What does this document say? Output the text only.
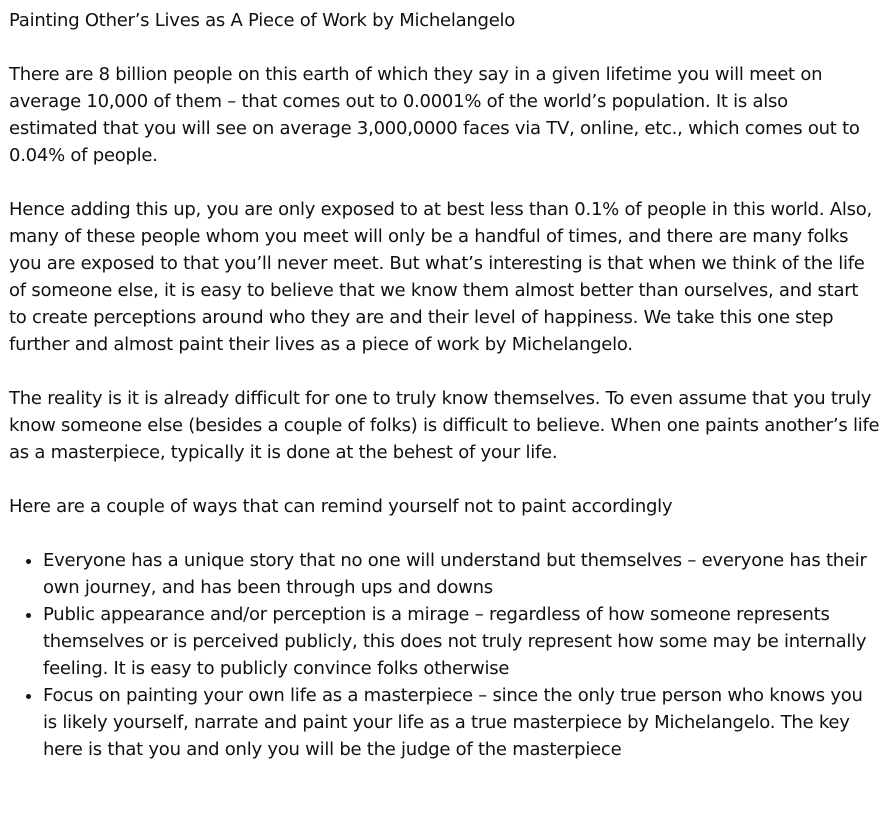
Painting Other’s Lives as A Piece of Work by Michelangelo

There are 8 billion people on this earth of which they say in a given lifetime you will meet on average 10,000 of them – that comes out to 0.0001% of the world’s population. It is also estimated that you will see on average 3,000,0000 faces via TV, online, etc., which comes out to 0.04% of people.

Hence adding this up, you are only exposed to at best less than 0.1% of people in this world. Also, many of these people whom you meet will only be a handful of times, and there are many folks you are exposed to that you’ll never meet. But what’s interesting is that when we think of the life of someone else, it is easy to believe that we know them almost better than ourselves, and start to create perceptions around who they are and their level of happiness. We take this one step further and almost paint their lives as a piece of work by Michelangelo.

The reality is it is already difficult for one to truly know themselves. To even assume that you truly know someone else (besides a couple of folks) is difficult to believe. When one paints another’s life as a masterpiece, typically it is done at the behest of your life.

Here are a couple of ways that can remind yourself not to paint accordingly

• Everyone has a unique story that no one will understand but themselves – everyone has their own journey, and has been through ups and downs
• Public appearance and/or perception is a mirage – regardless of how someone represents themselves or is perceived publicly, this does not truly represent how some may be internally feeling. It is easy to publicly convince folks otherwise
• Focus on painting your own life as a masterpiece – since the only true person who knows you is likely yourself, narrate and paint your life as a true masterpiece by Michelangelo. The key here is that you and only you will be the judge of the masterpiece
